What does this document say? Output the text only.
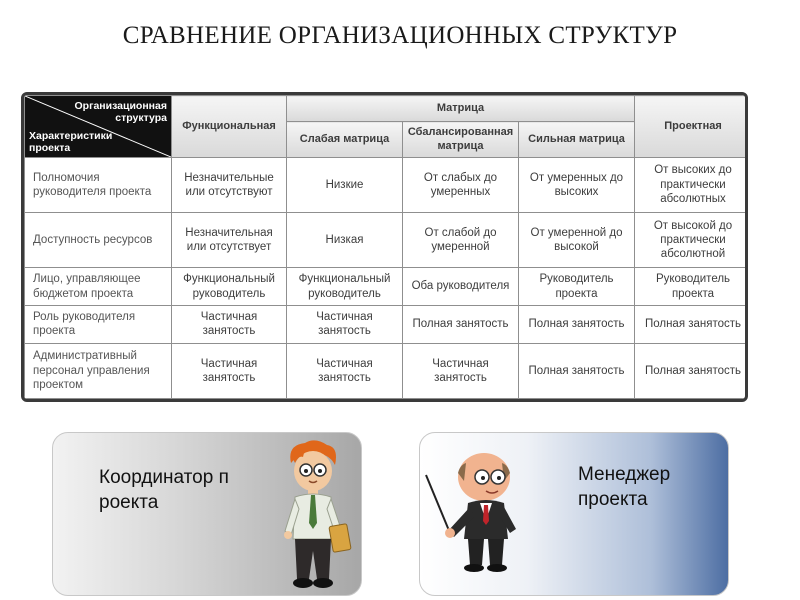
СРАВНЕНИЕ ОРГАНИЗАЦИОННЫХ СТРУКТУР
Организационная структура
Характеристики проекта	Функциональная	Матрица			Проектная
		Слабая матрица	Сбалансированная матрица	Сильная матрица	
Полномочия руководителя проекта	Незначительные или отсутствуют	Низкие	От слабых до умеренных	От умеренных до высоких	От высоких до практически абсолютных
Доступность ресурсов	Незначительная или отсутствует	Низкая	От слабой до умеренной	От умеренной до высокой	От высокой до практически абсолютной
Лицо, управляющее бюджетом проекта	Функциональный руководитель	Функциональный руководитель	Оба руководителя	Руководитель проекта	Руководитель проекта
Роль руководителя проекта	Частичная занятость	Частичная занятость	Полная занятость	Полная занятость	Полная занятость
Административный персонал управления проектом	Частичная занятость	Частичная занятость	Частичная занятость	Полная занятость	Полная занятость
Координатор проекта
Менеджер проекта
